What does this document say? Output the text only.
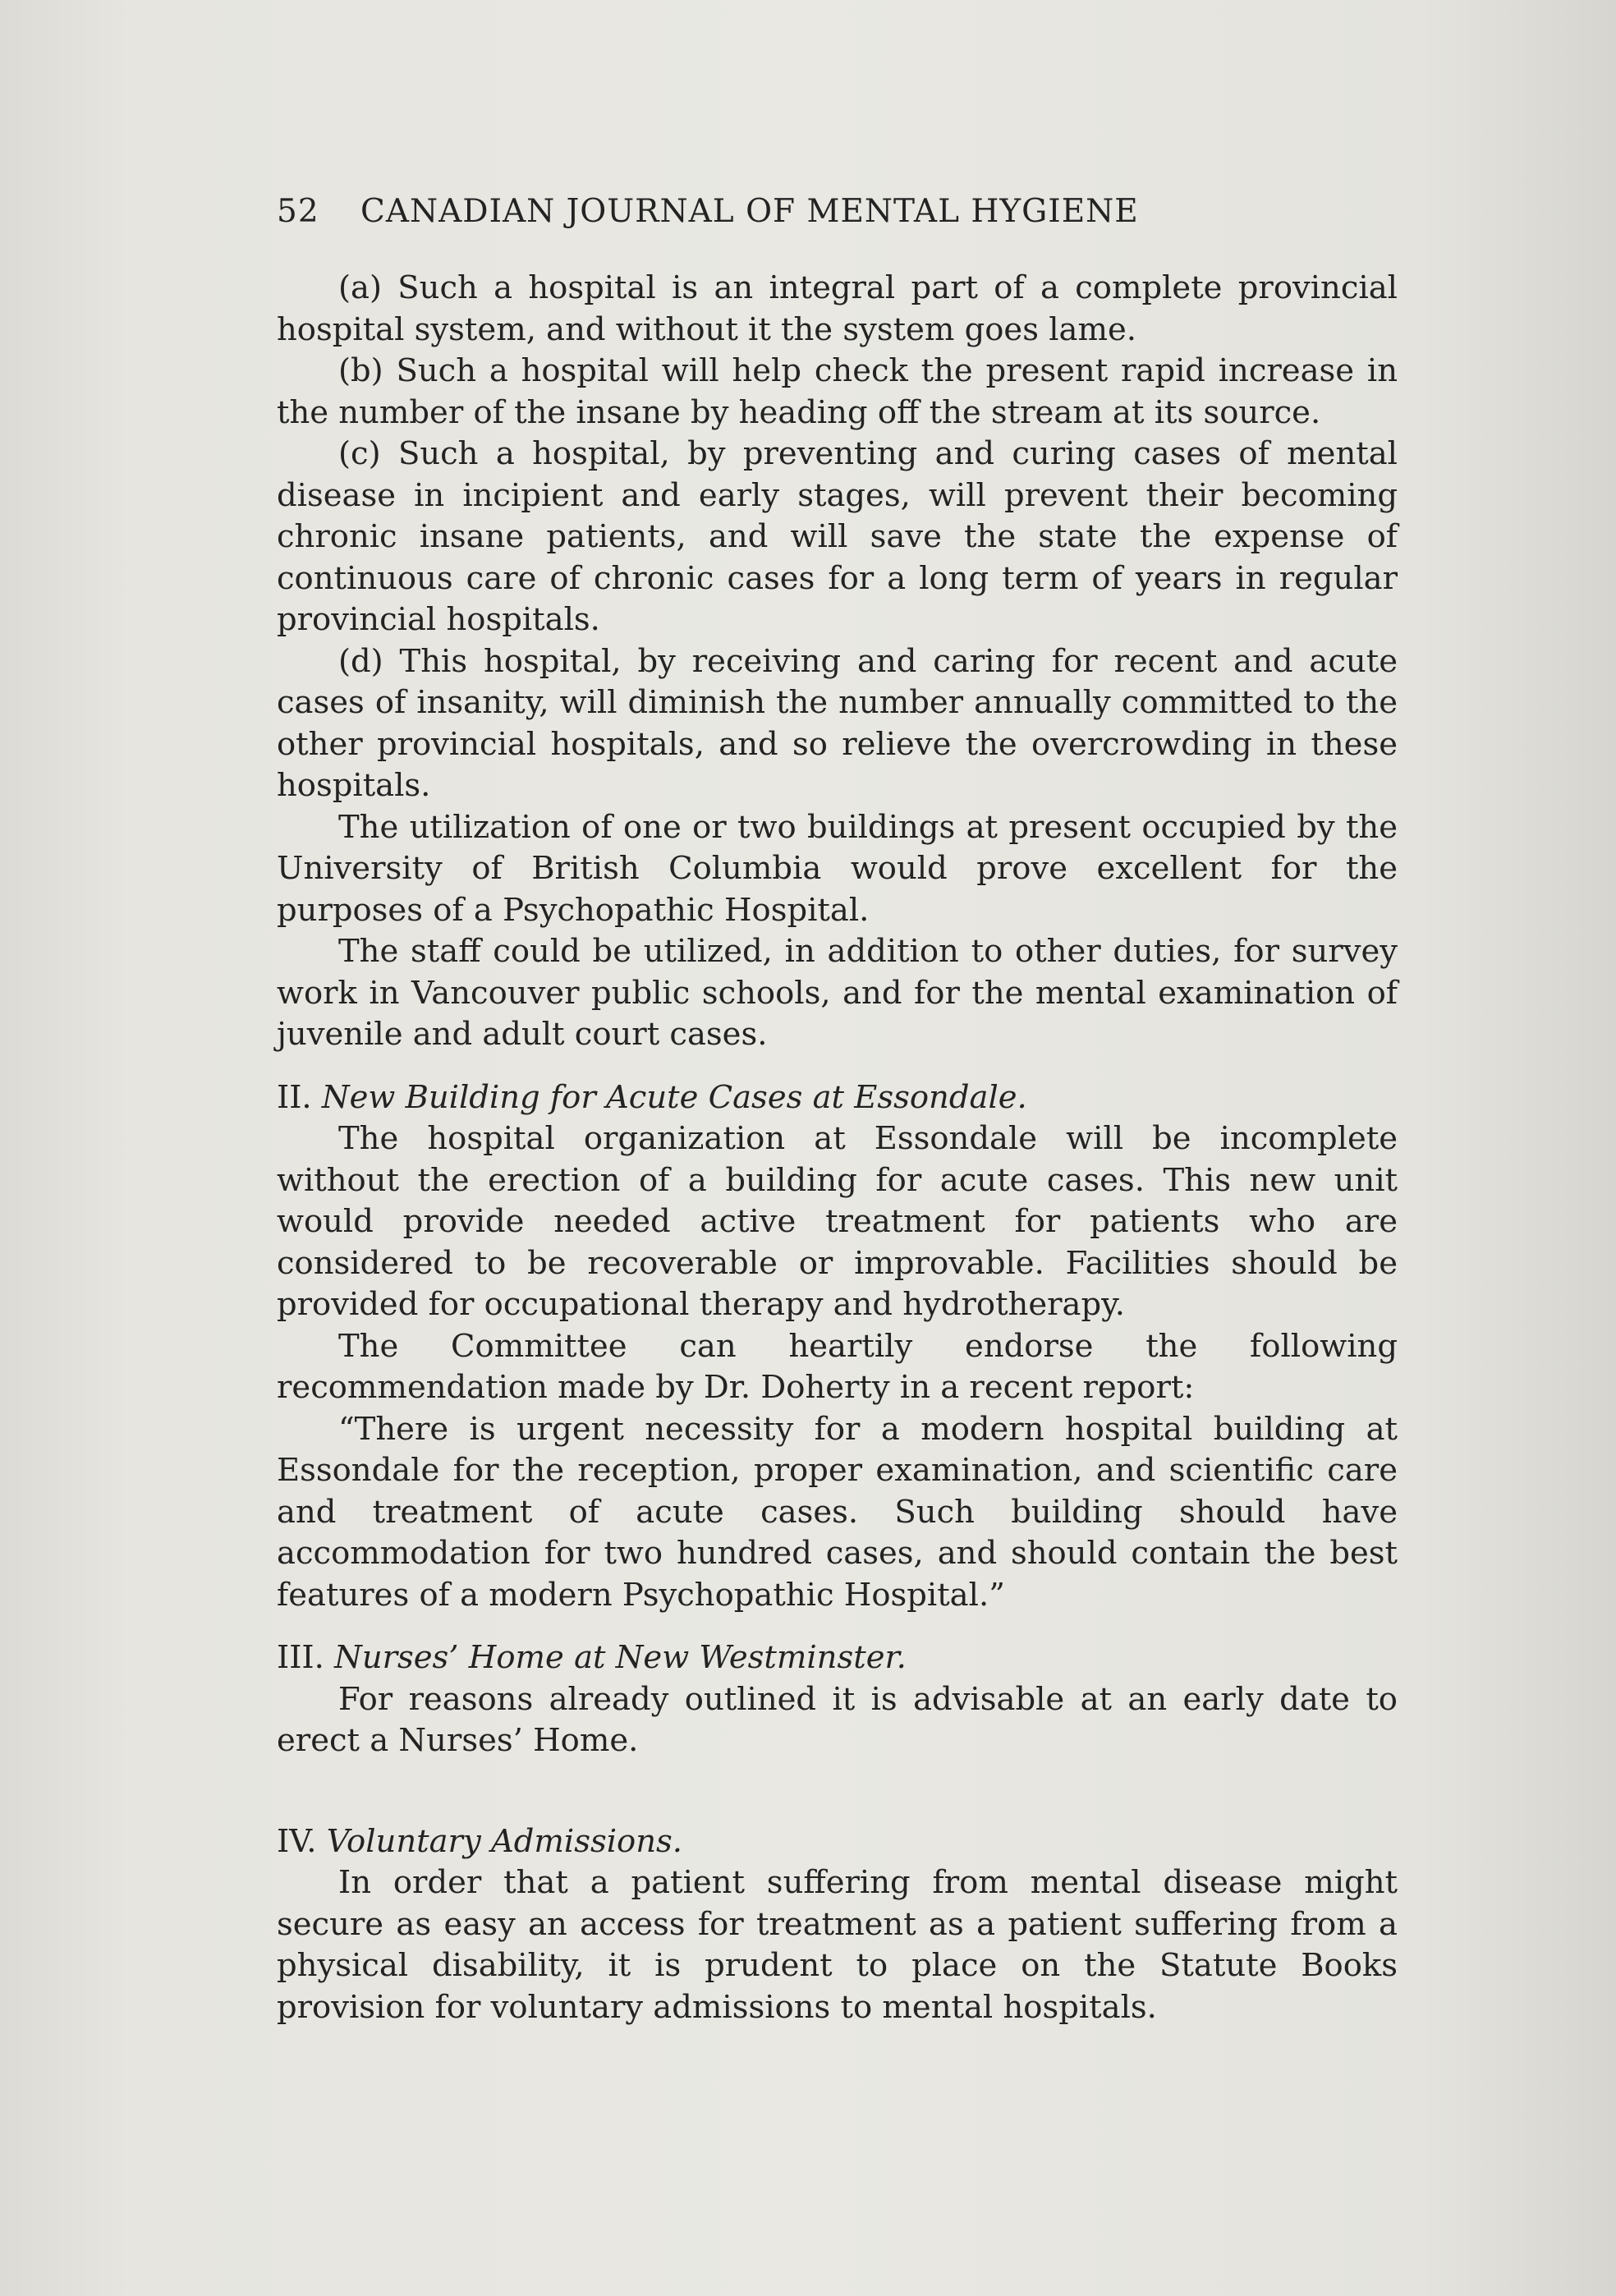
52 CANADIAN JOURNAL OF MENTAL HYGIENE

(a) Such a hospital is an integral part of a complete provincial hospital system, and without it the system goes lame.

(b) Such a hospital will help check the present rapid increase in the number of the insane by heading off the stream at its source.

(c) Such a hospital, by preventing and curing cases of mental disease in incipient and early stages, will prevent their becoming chronic insane patients, and will save the state the expense of continuous care of chronic cases for a long term of years in regular provincial hospitals.

(d) This hospital, by receiving and caring for recent and acute cases of insanity, will diminish the number annually committed to the other provincial hospitals, and so relieve the overcrowding in these hospitals.

The utilization of one or two buildings at present occupied by the University of British Columbia would prove excellent for the purposes of a Psychopathic Hospital.

The staff could be utilized, in addition to other duties, for survey work in Vancouver public schools, and for the mental examination of juvenile and adult court cases.

II. New Building for Acute Cases at Essondale.

The hospital organization at Essondale will be incomplete without the erection of a building for acute cases. This new unit would provide needed active treatment for patients who are considered to be recoverable or improvable. Facilities should be provided for occupational therapy and hydrotherapy.

The Committee can heartily endorse the following recommendation made by Dr. Doherty in a recent report:

“There is urgent necessity for a modern hospital building at Essondale for the reception, proper examination, and scientific care and treatment of acute cases. Such building should have accommodation for two hundred cases, and should contain the best features of a modern Psychopathic Hospital.”

III. Nurses’ Home at New Westminster.

For reasons already outlined it is advisable at an early date to erect a Nurses’ Home.

IV. Voluntary Admissions.

In order that a patient suffering from mental disease might secure as easy an access for treatment as a patient suffering from a physical disability, it is prudent to place on the Statute Books provision for voluntary admissions to mental hospitals.
